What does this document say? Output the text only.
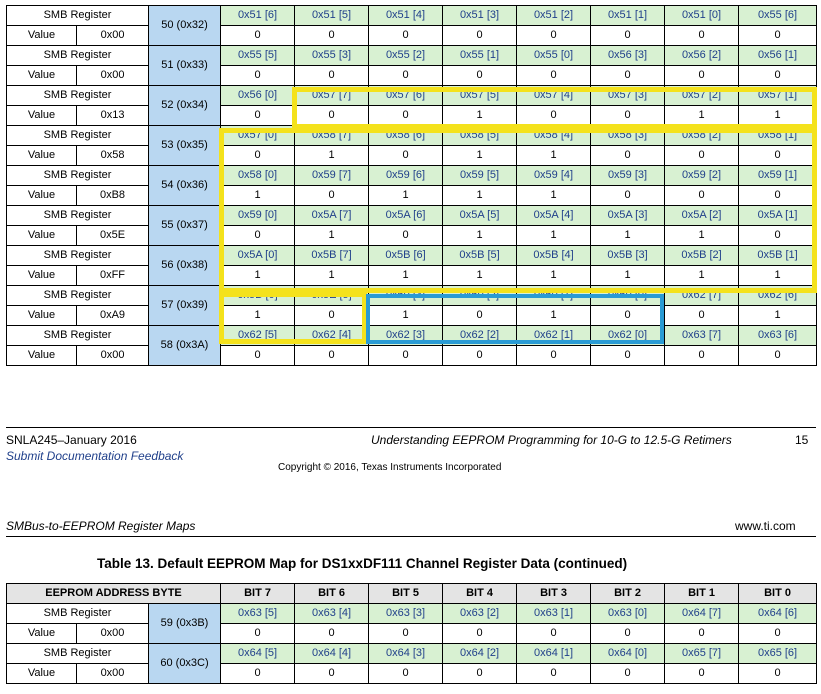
SMB Register		50 (0x32)	0x51 [6]	0x51 [5]	0x51 [4]	0x51 [3]	0x51 [2]	0x51 [1]	0x51 [0]	0x55 [6]
Value	0x00		0	0	0	0	0	0	0	0
SMB Register		51 (0x33)	0x55 [5]	0x55 [3]	0x55 [2]	0x55 [1]	0x55 [0]	0x56 [3]	0x56 [2]	0x56 [1]
Value	0x00		0	0	0	0	0	0	0	0
SMB Register		52 (0x34)	0x56 [0]	0x57 [7]	0x57 [6]	0x57 [5]	0x57 [4]	0x57 [3]	0x57 [2]	0x57 [1]
Value	0x13		0	0	0	1	0	0	1	1
SMB Register		53 (0x35)	0x57 [0]	0x58 [7]	0x58 [6]	0x58 [5]	0x58 [4]	0x58 [3]	0x58 [2]	0x58 [1]
Value	0x58		0	1	0	1	1	0	0	0
SMB Register		54 (0x36)	0x58 [0]	0x59 [7]	0x59 [6]	0x59 [5]	0x59 [4]	0x59 [3]	0x59 [2]	0x59 [1]
Value	0xB8		1	0	1	1	1	0	0	0
SMB Register		55 (0x37)	0x59 [0]	0x5A [7]	0x5A [6]	0x5A [5]	0x5A [4]	0x5A [3]	0x5A [2]	0x5A [1]
Value	0x5E		0	1	0	1	1	1	1	0
SMB Register		56 (0x38)	0x5A [0]	0x5B [7]	0x5B [6]	0x5B [5]	0x5B [4]	0x5B [3]	0x5B [2]	0x5B [1]
Value	0xFF		1	1	1	1	1	1	1	1
SMB Register		57 (0x39)	0x5B [0]	0x5E [5]	0x60 [3]	0x60 [2]	0x60 [1]	0x60 [0]	0x62 [7]	0x62 [6]
Value	0xA9		1	0	1	0	1	0	0	1
SMB Register		58 (0x3A)	0x62 [5]	0x62 [4]	0x62 [3]	0x62 [2]	0x62 [1]	0x62 [0]	0x63 [7]	0x63 [6]
Value	0x00		0	0	0	0	0	0	0	0
SNLA245–January 2016
Submit Documentation Feedback
Understanding EEPROM Programming for 10-G to 12.5-G Retimers	15
Copyright © 2016, Texas Instruments Incorporated
SMBus-to-EEPROM Register Maps	www.ti.com
Table 13. Default EEPROM Map for DS1xxDF111 Channel Register Data (continued)
EEPROM ADDRESS BYTE			BIT 7	BIT 6	BIT 5	BIT 4	BIT 3	BIT 2	BIT 1	BIT 0
SMB Register		59 (0x3B)	0x63 [5]	0x63 [4]	0x63 [3]	0x63 [2]	0x63 [1]	0x63 [0]	0x64 [7]	0x64 [6]
Value	0x00		0	0	0	0	0	0	0	0
SMB Register		60 (0x3C)	0x64 [5]	0x64 [4]	0x64 [3]	0x64 [2]	0x64 [1]	0x64 [0]	0x65 [7]	0x65 [6]
Value	0x00		0	0	0	0	0	0	0	0
